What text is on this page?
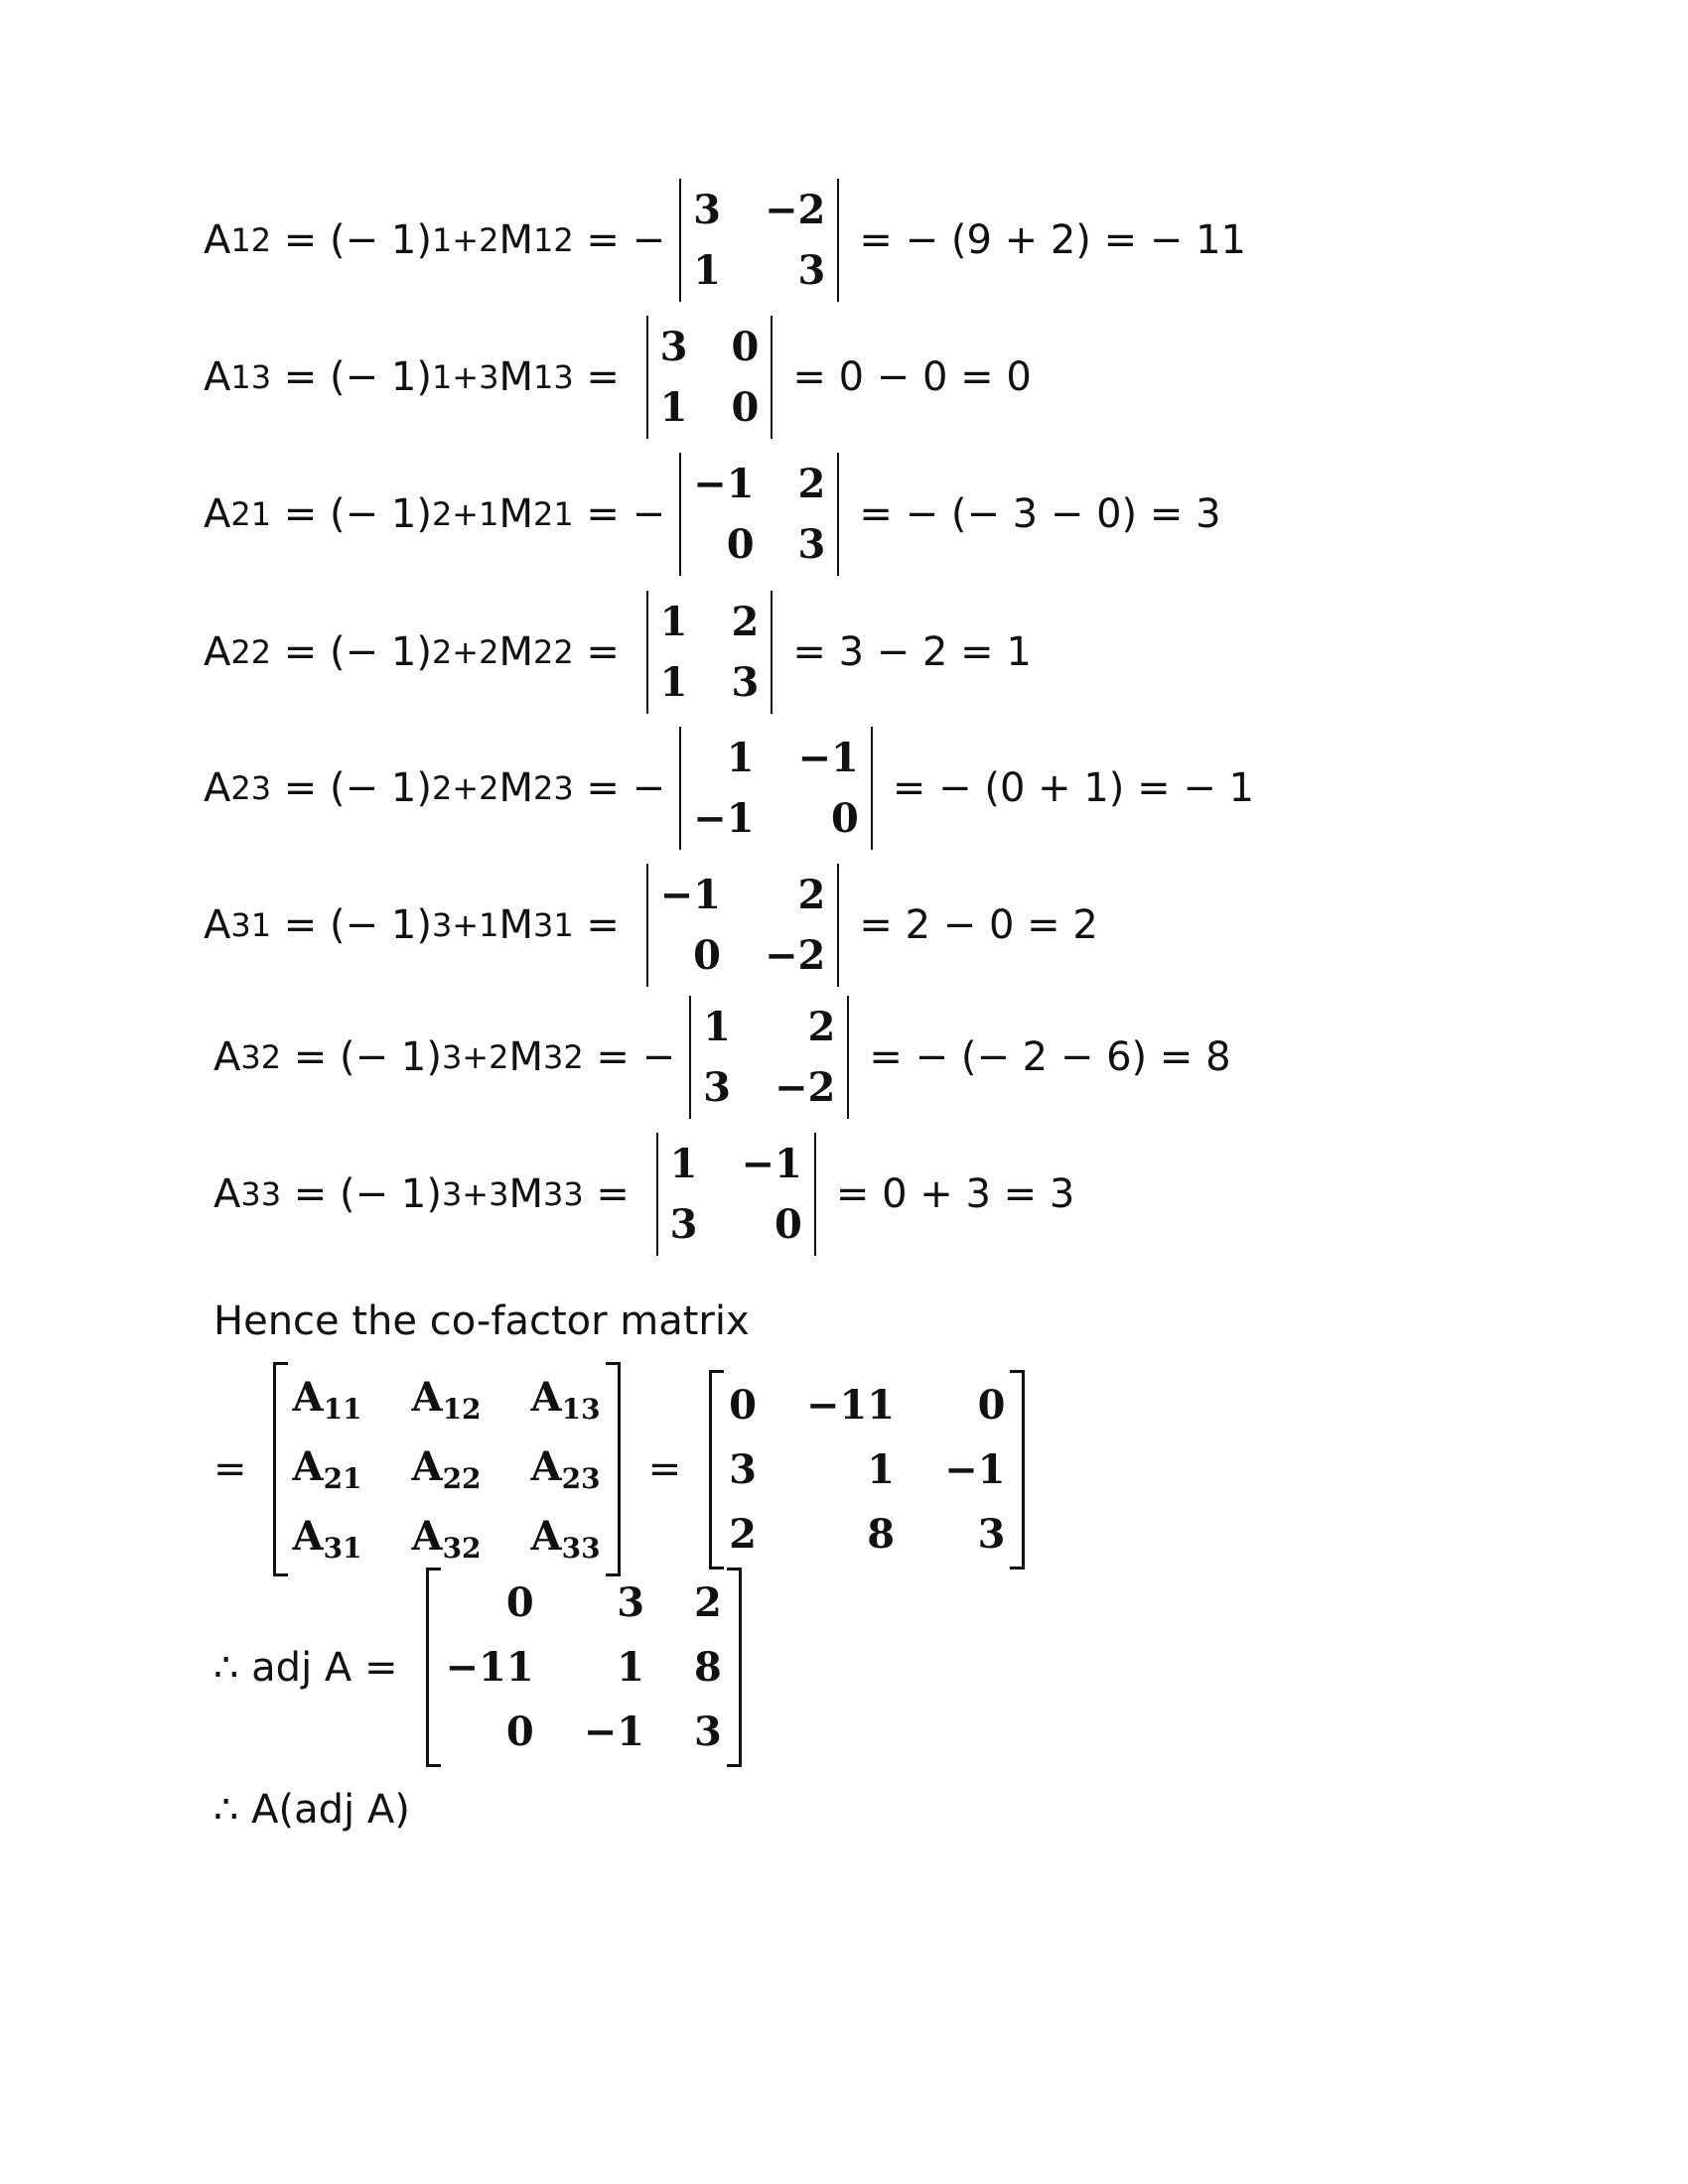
A 12 = (− 1) 1+2 M 12 = −
3 −2
1	3
= − (9 + 2) = − 11
A 13 = (− 1) 1+3 M 13 =
3 0
1 0
= 0 − 0 = 0
A 21 = (− 1) 2+1 M 21 = −
−1 2
0 3
= − (− 3 − 0) = 3
A 22 = (− 1) 2+2 M 22 =
1 2
1 3
= 3 − 2 = 1
A 23 = (− 1) 2+2 M 23 = −
1 −1
−1	0
= − (0 + 1) = − 1
A 31 = (− 1) 3+1 M 31 =
−1	2
0 −2
= 2 − 0 = 2
A 32 = (− 1) 3+2 M 32 = −
1	2
3 −2
= − (− 2 − 6) = 8
A 33 = (− 1) 3+3 M 33 =
1 −1
3	0
= 0 + 3 = 3
Hence the co-factor matrix
=
$A_{11}$ $A_{12}$ $A_{13}$
$A_{21}$ $A_{22}$ $A_{23}$
$A_{31}$ $A_{32}$ $A_{33}$
=
0 −11	0
3	1 −1
2	8	3
∴ adj A =
0	3 2
−11	1 8
0 −1 3
∴ A(adj A)
